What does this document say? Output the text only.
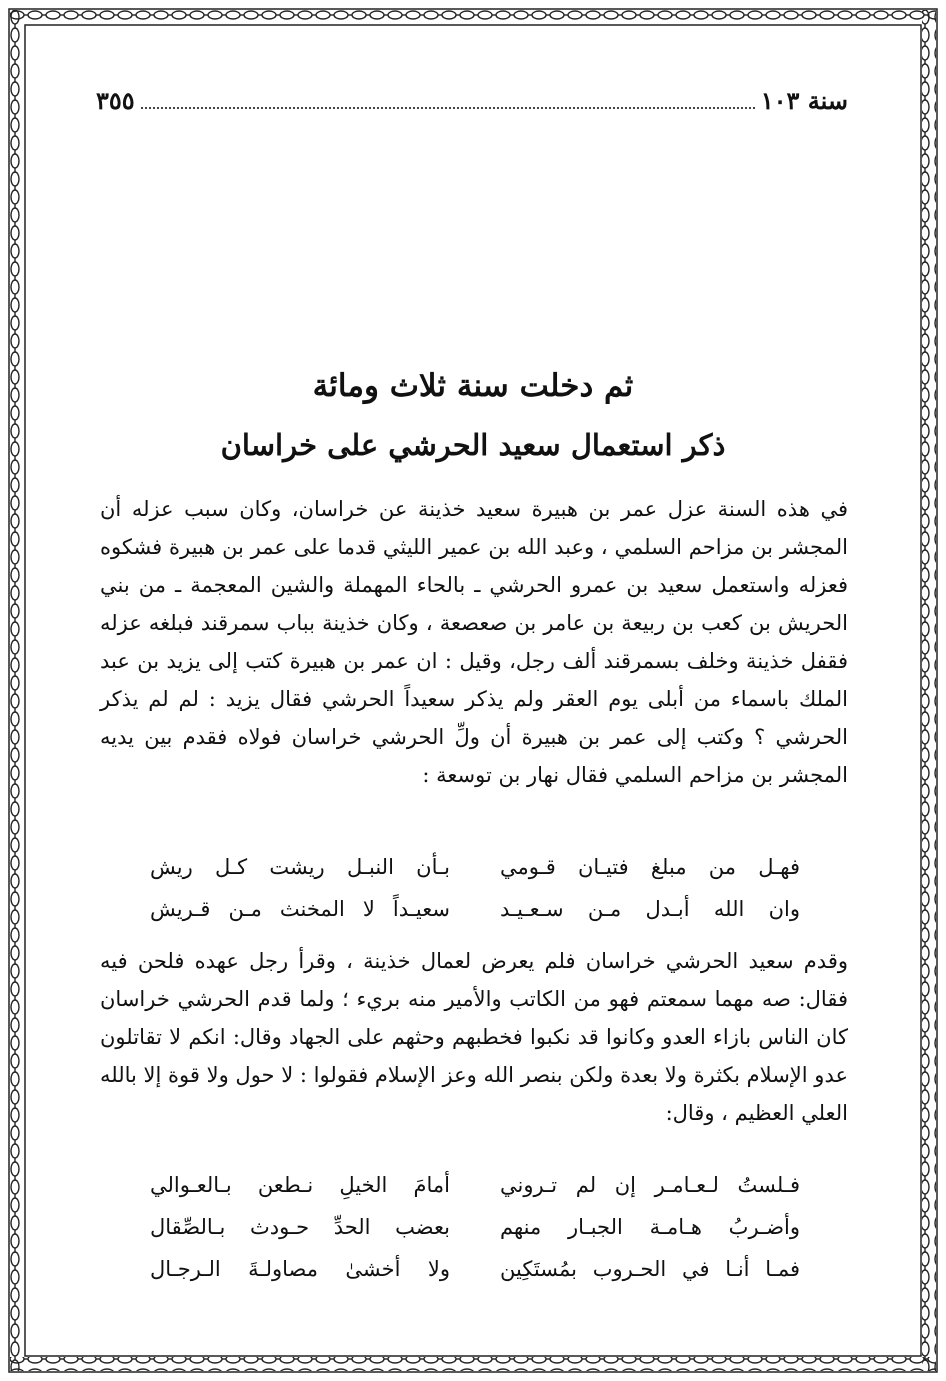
سنة ١٠٣
٣٥٥
ثم دخلت سنة ثلاث ومائة
ذكر استعمال سعيد الحرشي على خراسان
في هذه السنة عزل عمر بن هبيرة سعيد خذينة عن خراسان، وكان سبب عزله أن المجشر بن مزاحم السلمي ، وعبد الله بن عمير الليثي قدما على عمر بن هبيرة فشكوه فعزله واستعمل سعيد بن عمرو الحرشي ـ بالحاء المهملة والشين المعجمة ـ من بني الحريش بن كعب بن ربيعة بن عامر بن صعصعة ، وكان خذينة بباب سمرقند فبلغه عزله فقفل خذينة وخلف بسمرقند ألف رجل، وقيل : ان عمر بن هبيرة كتب إلى يزيد بن عبد الملك باسماء من أبلى يوم العقر ولم يذكر سعيداً الحرشي فقال يزيد : لم لم يذكر الحرشي ؟ وكتب إلى عمر بن هبيرة أن ولِّ الحرشي خراسان فولاه فقدم بين يديه المجشر بن مزاحم السلمي فقال نهار بن توسعة :
فهـل من مبلغ فتيـان قـومي
بـأن النبـل ريشت كـل ريش
وان الله أبـدل مـن سـعـيـد
سعيـداً لا المخنث مـن قـريش
وقدم سعيد الحرشي خراسان فلم يعرض لعمال خذينة ، وقرأ رجل عهده فلحن فيه فقال: صه مهما سمعتم فهو من الكاتب والأمير منه بريء ؛ ولما قدم الحرشي خراسان كان الناس بازاء العدو وكانوا قد نكبوا فخطبهم وحثهم على الجهاد وقال: انكم لا تقاتلون عدو الإسلام بكثرة ولا بعدة ولكن بنصر الله وعز الإسلام فقولوا : لا حول ولا قوة إلا بالله العلي العظيم ، وقال:
فـلستُ لـعـامـر إن لم تـروني
أمامَ الخيلِ نـطعن بـالعـوالي
وأضـربُ هـامـة الجبـار منهم
بعضب الحدِّ حـودث بـالصِّقال
فمـا أنـا في الحـروب بمُستَكِين
ولا أخشىٰ مصاولـةَ الـرجـال
